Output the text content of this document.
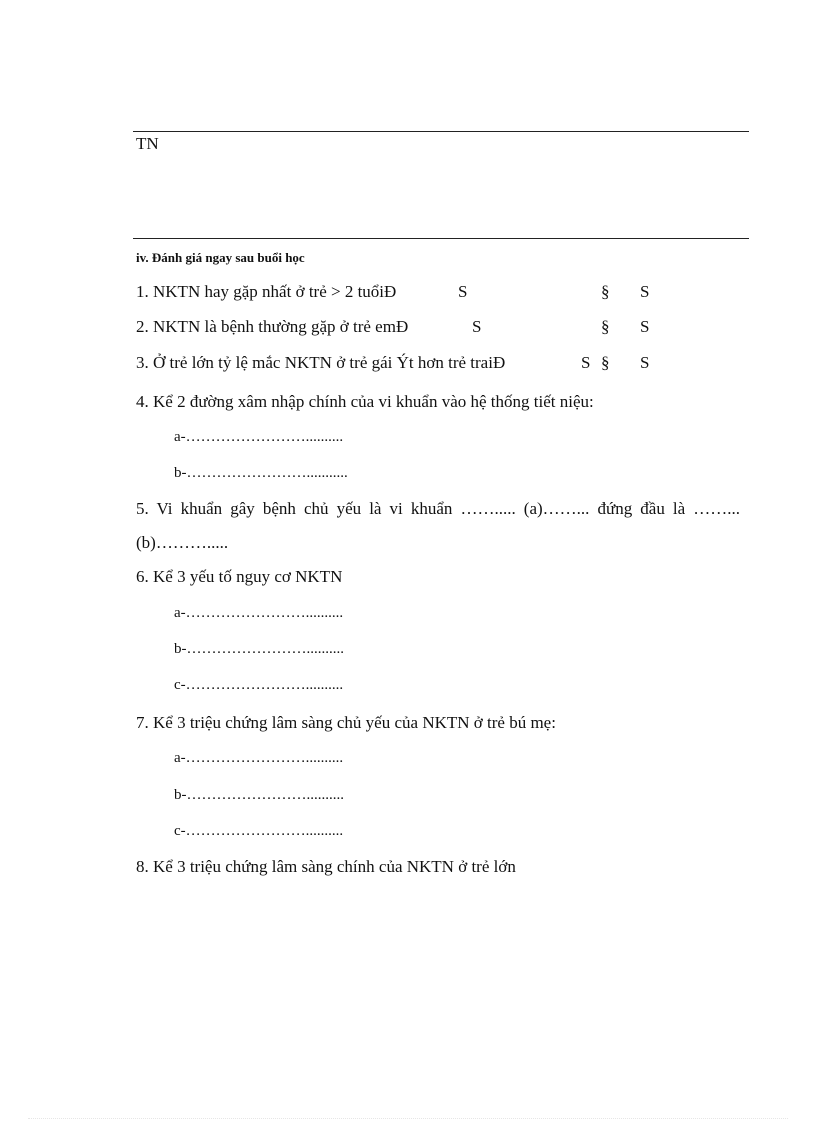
TN
iv. Đánh giá ngay sau buổi học
1. NKTN hay gặp nhất ở trẻ > 2 tuổiĐ	S	§ S
2. NKTN là bệnh thường gặp ở trẻ emĐ	S	§ S
3. Ở trẻ lớn tỷ lệ mắc NKTN ở trẻ gái Ýt hơn trẻ traiĐ	S § S
4. Kể 2 đường xâm nhập chính của vi khuẩn vào hệ thống tiết niệu:
a-……………………..........
b-……………………...........
5. Vi khuẩn gây bệnh chủ yếu là vi khuẩn ……..... (a)……... đứng đầu là ……...
(b)……….....
6. Kể 3 yếu tố nguy cơ NKTN
a-……………………..........
b-……………………..........
c-……………………..........
7. Kể 3 triệu chứng lâm sàng chủ yếu của NKTN ở trẻ bú mẹ:
a-……………………..........
b-……………………..........
c-……………………..........
8. Kể 3 triệu chứng lâm sàng chính của NKTN ở trẻ lớn
